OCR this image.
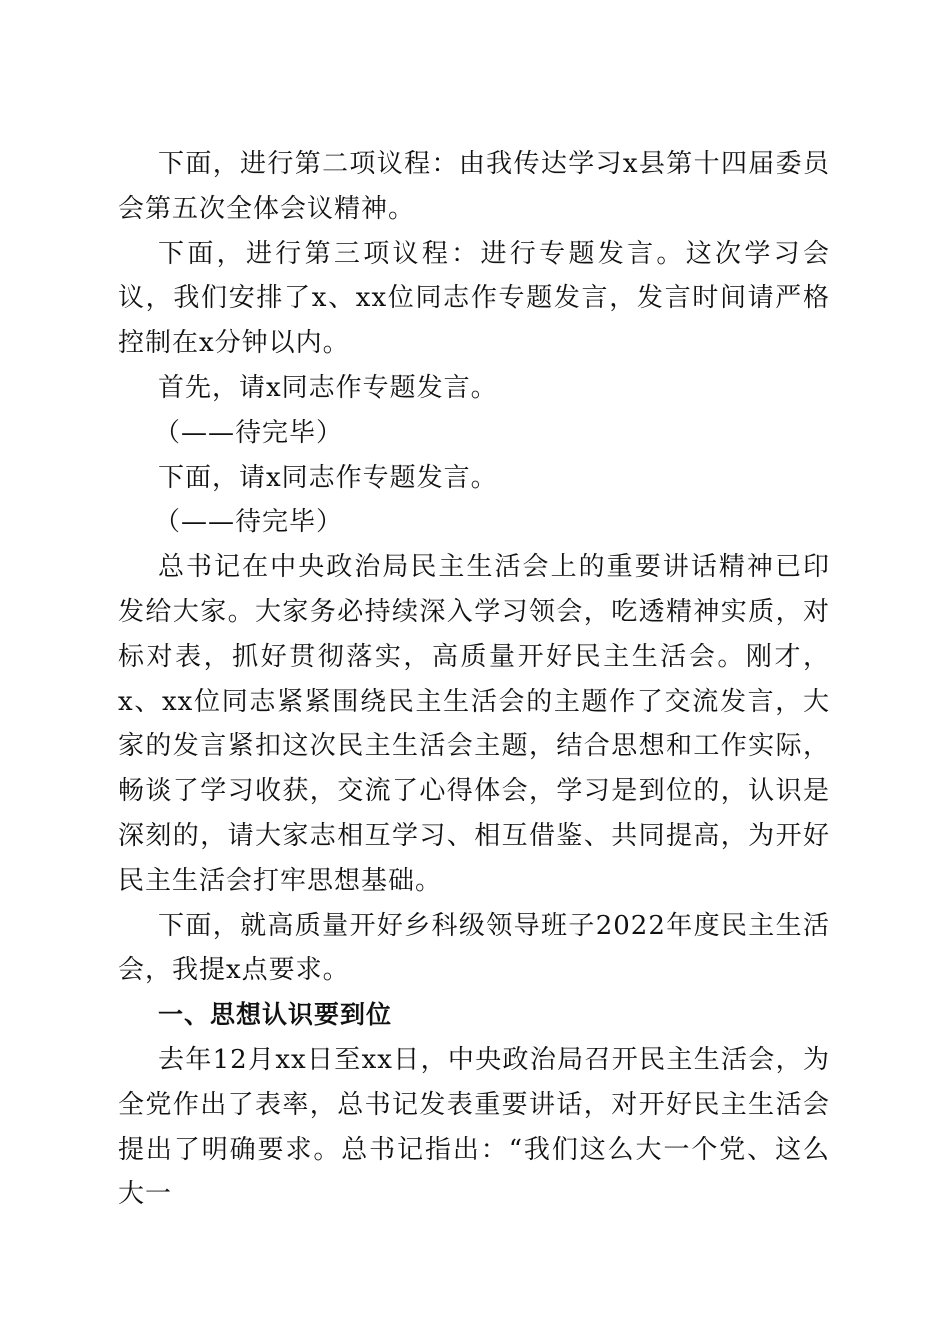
下面，进行第二项议程：由我传达学习x县第十四届委员会第五次全体会议精神。

下面，进行第三项议程：进行专题发言。这次学习会议，我们安排了x、xx位同志作专题发言，发言时间请严格控制在x分钟以内。

首先，请x同志作专题发言。

（——待完毕）

下面，请x同志作专题发言。

（——待完毕）

总书记在中央政治局民主生活会上的重要讲话精神已印发给大家。大家务必持续深入学习领会，吃透精神实质，对标对表，抓好贯彻落实，高质量开好民主生活会。刚才，x、xx位同志紧紧围绕民主生活会的主题作了交流发言，大家的发言紧扣这次民主生活会主题，结合思想和工作实际，畅谈了学习收获，交流了心得体会，学习是到位的，认识是深刻的，请大家志相互学习、相互借鉴、共同提高，为开好民主生活会打牢思想基础。

下面，就高质量开好乡科级领导班子2022年度民主生活会，我提x点要求。

一、思想认识要到位

去年12月xx日至xx日，中央政治局召开民主生活会，为全党作出了表率，总书记发表重要讲话，对开好民主生活会提出了明确要求。总书记指出：“我们这么大一个党、这么大一
